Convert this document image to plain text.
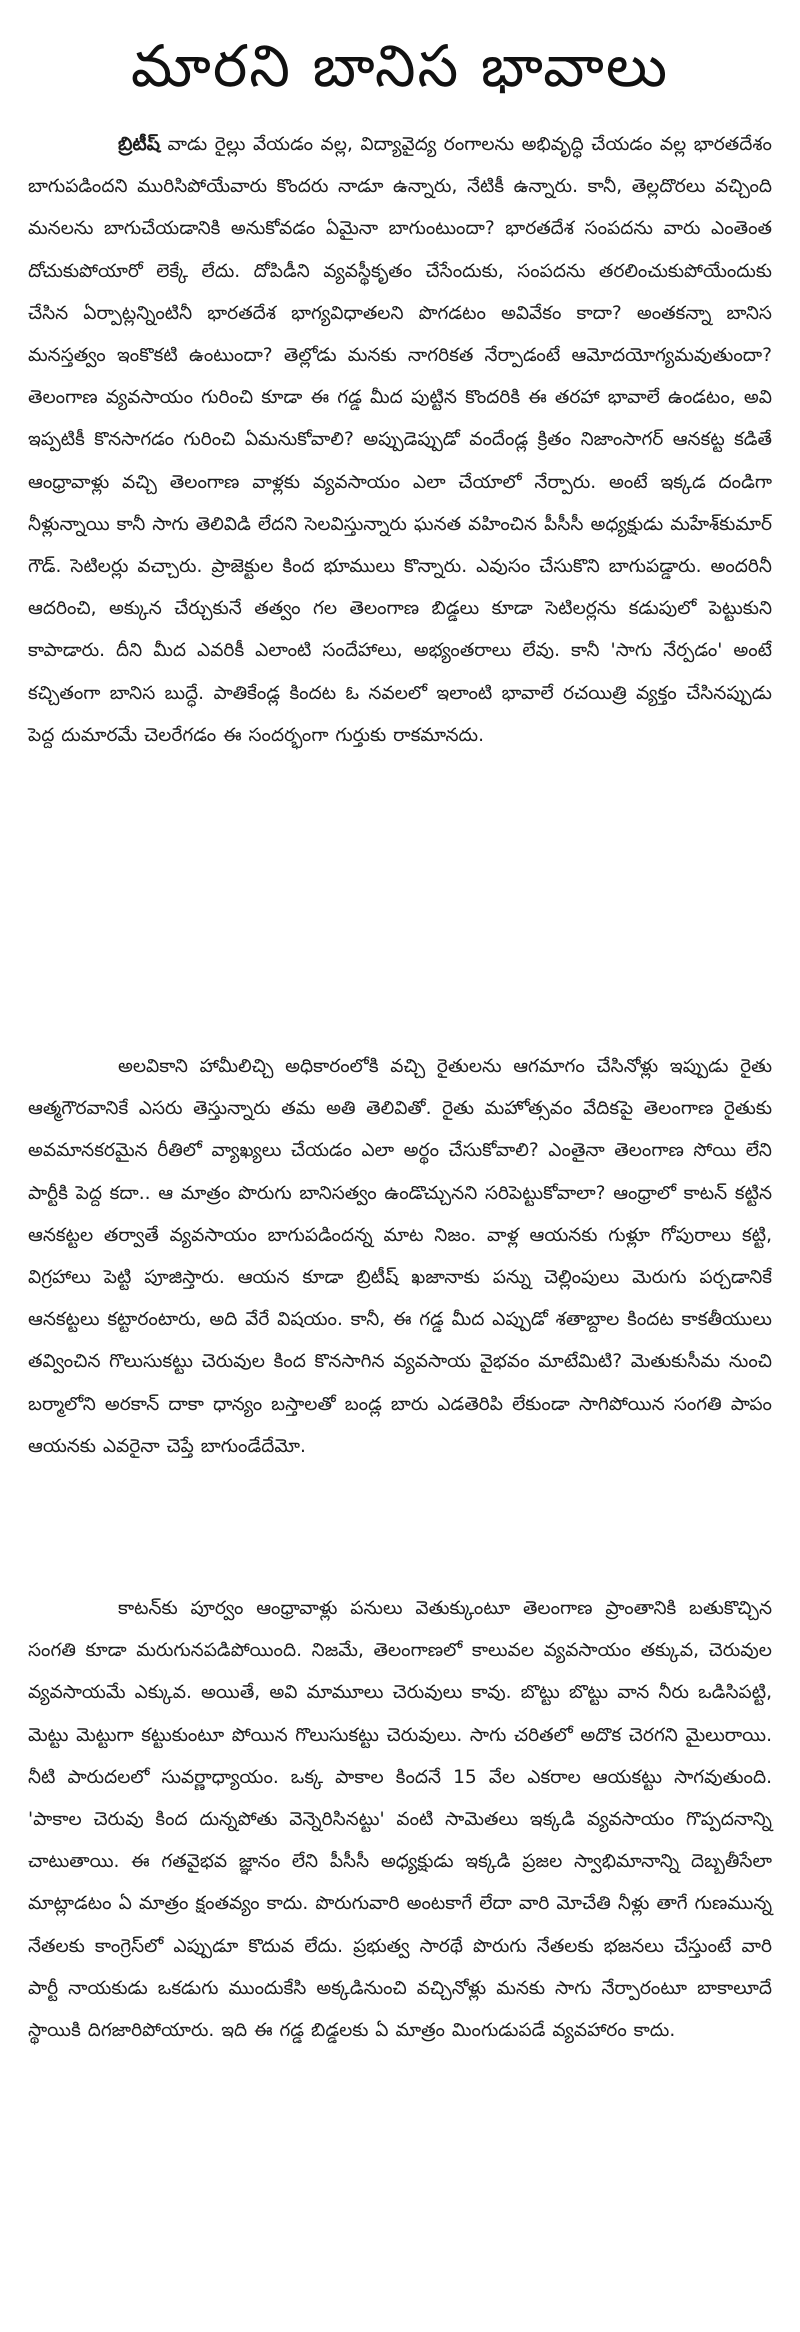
మారని బానిస భావాలు

బ్రిటీష్ వాడు రైల్లు వేయడం వల్ల, విద్యావైద్య రంగాలను అభివృద్ధి చేయడం వల్ల భారతదేశం బాగుపడిందని మురిసిపోయేవారు కొందరు నాడూ ఉన్నారు, నేటికీ ఉన్నారు. కానీ, తెల్లదొరలు వచ్చింది మనలను బాగుచేయడానికి అనుకోవడం ఏమైనా బాగుంటుందా? భారతదేశ సంపదను వారు ఎంతెంత దోచుకుపోయారో లెక్కే లేదు. దోపిడీని వ్యవస్థీకృతం చేసేందుకు, సంపదను తరలించుకుపోయేందుకు చేసిన ఏర్పాట్లన్నింటినీ భారతదేశ భాగ్యవిధాతలని పొగడటం అవివేకం కాదా? అంతకన్నా బానిస మనస్తత్వం ఇంకొకటి ఉంటుందా? తెల్లోడు మనకు నాగరికత నేర్పాడంటే ఆమోదయోగ్యమవుతుందా? తెలంగాణ వ్యవసాయం గురించి కూడా ఈ గడ్డ మీద పుట్టిన కొందరికి ఈ తరహా భావాలే ఉండటం, అవి ఇప్పటికీ కొనసాగడం గురించి ఏమనుకోవాలి? అప్పుడెప్పుడో వందేండ్ల క్రితం నిజాంసాగర్ ఆనకట్ట కడితే ఆంధ్రావాళ్లు వచ్చి తెలంగాణ వాళ్లకు వ్యవసాయం ఎలా చేయాలో నేర్పారు. అంటే ఇక్కడ దండిగా నీళ్లున్నాయి కానీ సాగు తెలివిడి లేదని సెలవిస్తున్నారు ఘనత వహించిన పీసీసీ అధ్యక్షుడు మహేశ్‌కుమార్ గౌడ్. సెటిలర్లు వచ్చారు. ప్రాజెక్టుల కింద భూములు కొన్నారు. ఎవుసం చేసుకొని బాగుపడ్డారు. అందరినీ ఆదరించి, అక్కున చేర్చుకునే తత్వం గల తెలంగాణ బిడ్డలు కూడా సెటిలర్లను కడుపులో పెట్టుకుని కాపాడారు. దీని మీద ఎవరికీ ఎలాంటి సందేహాలు, అభ్యంతరాలు లేవు. కానీ 'సాగు నేర్పడం' అంటే కచ్చితంగా బానిస బుద్ధే. పాతికేండ్ల కిందట ఓ నవలలో ఇలాంటి భావాలే రచయిత్రి వ్యక్తం చేసినప్పుడు పెద్ద దుమారమే చెలరేగడం ఈ సందర్భంగా గుర్తుకు రాకమానదు.

అలవికాని హామీలిచ్చి అధికారంలోకి వచ్చి రైతులను ఆగమాగం చేసినోళ్లు ఇప్పుడు రైతు ఆత్మగౌరవానికే ఎసరు తెస్తున్నారు తమ అతి తెలివితో. రైతు మహోత్సవం వేదికపై తెలంగాణ రైతుకు అవమానకరమైన రీతిలో వ్యాఖ్యలు చేయడం ఎలా అర్థం చేసుకోవాలి? ఎంతైనా తెలంగాణ సోయి లేని పార్టీకి పెద్ద కదా.. ఆ మాత్రం పొరుగు బానిసత్వం ఉండొచ్చునని సరిపెట్టుకోవాలా? ఆంధ్రాలో కాటన్ కట్టిన ఆనకట్టల తర్వాతే వ్యవసాయం బాగుపడిందన్న మాట నిజం. వాళ్ల ఆయనకు గుళ్లూ గోపురాలు కట్టి, విగ్రహాలు పెట్టి పూజిస్తారు. ఆయన కూడా బ్రిటీష్ ఖజానాకు పన్ను చెల్లింపులు మెరుగు పర్చడానికే ఆనకట్టలు కట్టారంటారు, అది వేరే విషయం. కానీ, ఈ గడ్డ మీద ఎప్పుడో శతాబ్దాల కిందట కాకతీయులు తవ్వించిన గొలుసుకట్టు చెరువుల కింద కొనసాగిన వ్యవసాయ వైభవం మాటేమిటి? మెతుకుసీమ నుంచి బర్మాలోని అరకాన్ దాకా ధాన్యం బస్తాలతో బండ్ల బారు ఎడతెరిపి లేకుండా సాగిపోయిన సంగతి పాపం ఆయనకు ఎవరైనా చెప్తే బాగుండేదేమో.

కాటన్‌కు పూర్వం ఆంధ్రావాళ్లు పనులు వెతుక్కుంటూ తెలంగాణ ప్రాంతానికి బతుకొచ్చిన సంగతి కూడా మరుగునపడిపోయింది. నిజమే, తెలంగాణలో కాలువల వ్యవసాయం తక్కువ, చెరువుల వ్యవసాయమే ఎక్కువ. అయితే, అవి మామూలు చెరువులు కావు. బొట్టు బొట్టు వాన నీరు ఒడిసిపట్టి, మెట్టు మెట్టుగా కట్టుకుంటూ పోయిన గొలుసుకట్టు చెరువులు. సాగు చరితలో అదొక చెరగని మైలురాయి. నీటి పారుదలలో సువర్ణాధ్యాయం. ఒక్క పాకాల కిందనే 15 వేల ఎకరాల ఆయకట్టు సాగవుతుంది. 'పాకాల చెరువు కింద దున్నపోతు వెన్నెరిసినట్టు' వంటి సామెతలు ఇక్కడి వ్యవసాయం గొప్పదనాన్ని చాటుతాయి. ఈ గతవైభవ జ్ఞానం లేని పీసీసీ అధ్యక్షుడు ఇక్కడి ప్రజల స్వాభిమానాన్ని దెబ్బతీసేలా మాట్లాడటం ఏ మాత్రం క్షంతవ్యం కాదు. పొరుగువారి అంటకాగే లేదా వారి మోచేతి నీళ్లు తాగే గుణమున్న నేతలకు కాంగ్రెస్‌లో ఎప్పుడూ కొదువ లేదు. ప్రభుత్వ సారథే పొరుగు నేతలకు భజనలు చేస్తుంటే వారి పార్టీ నాయకుడు ఒకడుగు ముందుకేసి అక్కడినుంచి వచ్చినోళ్లు మనకు సాగు నేర్పారంటూ బాకాలూదే స్థాయికి దిగజారిపోయారు. ఇది ఈ గడ్డ బిడ్డలకు ఏ మాత్రం మింగుడుపడే వ్యవహారం కాదు.
